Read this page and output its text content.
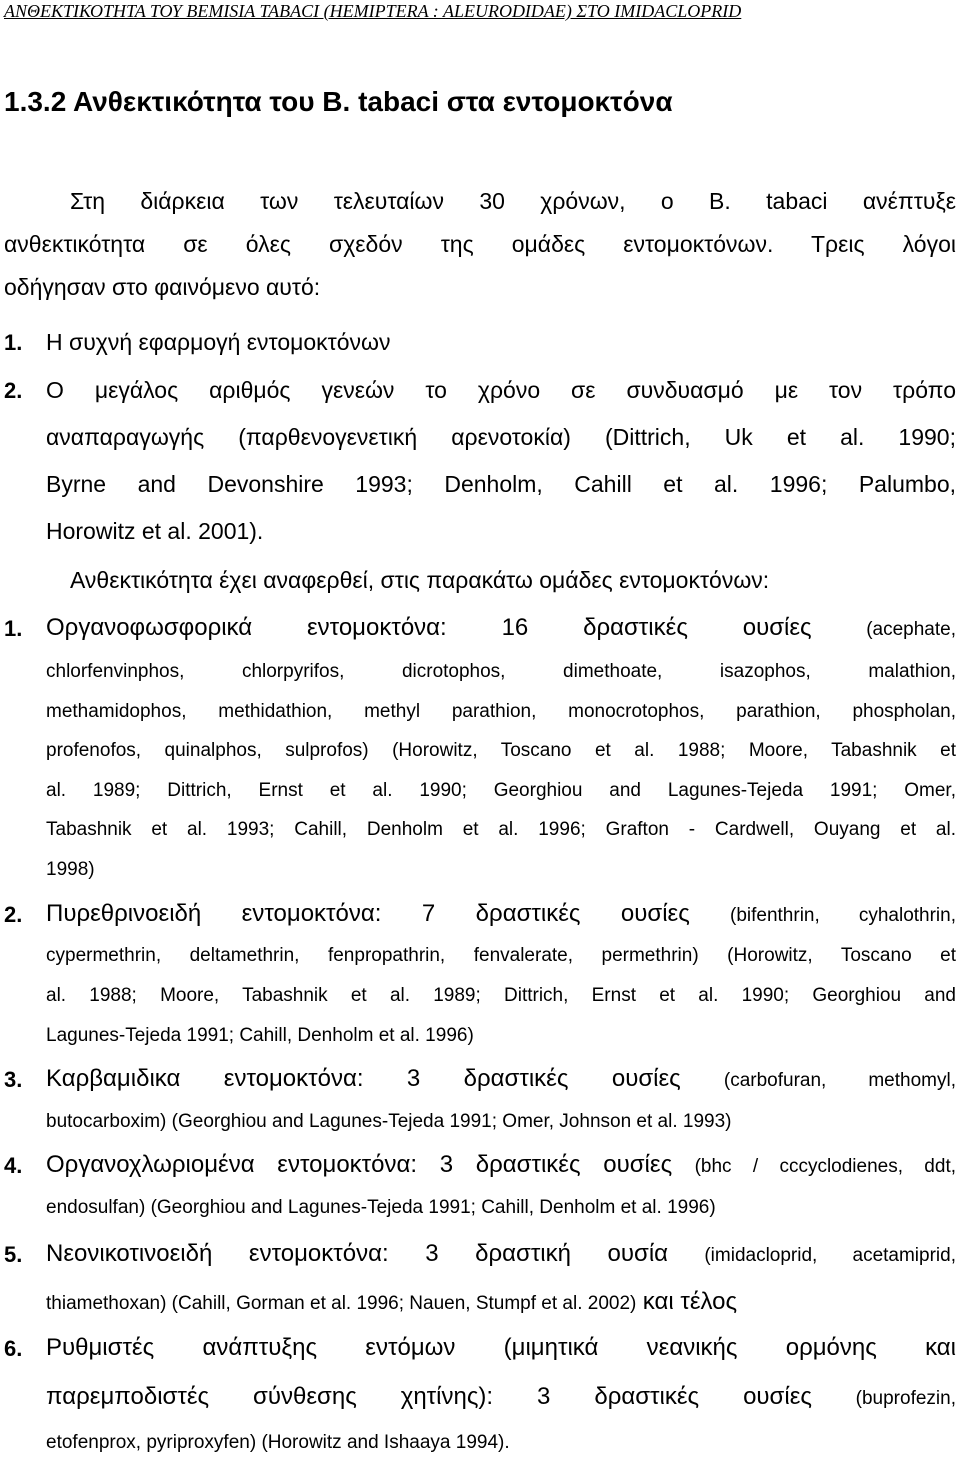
ΑΝΘΕΚΤΙΚΟΤΗΤΑ ΤΟΥ BEMISIA TABACI (HEMIPTERA : ALEURODIDAE) ΣΤΟ IMIDACLOPRID
1.3.2 Ανθεκτικότητα του B. tabaci στα εντομοκτόνα
Στη διάρκεια των τελευταίων 30 χρόνων, ο B. tabaci ανέπτυξε
ανθεκτικότητα σε όλες σχεδόν της ομάδες εντομοκτόνων. Τρεις λόγοι
οδήγησαν στο φαινόμενο αυτό:
1. Η συχνή εφαρμογή εντομοκτόνων
2. Ο μεγάλος αριθμός γενεών το χρόνο σε συνδυασμό με τον τρόπο
αναπαραγωγής (παρθενογενετική αρενοτοκία) (Dittrich, Uk et al. 1990;
Byrne and Devonshire 1993; Denholm, Cahill et al. 1996; Palumbo,
Horowitz et al. 2001).
Ανθεκτικότητα έχει αναφερθεί, στις παρακάτω ομάδες εντομοκτόνων:
1. Οργανοφωσφορικά εντομοκτόνα: 16 δραστικές ουσίες	(acephate,
chlorfenvinphos, chlorpyrifos, dicrotophos, dimethoate, isazophos, malathion,
methamidophos, methidathion, methyl parathion, monocrotophos, parathion, phospholan,
profenofos, quinalphos, sulprofos) (Horowitz, Toscano et al. 1988; Moore, Tabashnik et
al. 1989; Dittrich, Ernst et al. 1990; Georghiou and Lagunes-Tejeda 1991; Omer,
Tabashnik et al. 1993; Cahill, Denholm et al. 1996; Grafton - Cardwell, Ouyang et al.
1998)
2. Πυρεθρινοειδή εντομοκτόνα: 7 δραστικές ουσίες (bifenthrin, cyhalothrin,
cypermethrin, deltamethrin, fenpropathrin, fenvalerate, permethrin) (Horowitz, Toscano et
al. 1988; Moore, Tabashnik et al. 1989; Dittrich, Ernst et al. 1990; Georghiou and
Lagunes-Tejeda 1991; Cahill, Denholm et al. 1996)
3. Καρβαμιδικα εντομοκτόνα: 3 δραστικές ουσίες (carbofuran, methomyl,
butocarboxim) (Georghiou and Lagunes-Tejeda 1991; Omer, Johnson et al. 1993)
4. Οργανοχλωριομένα εντομοκτόνα: 3 δραστικές ουσίες (bhc / cccyclodienes, ddt,
endosulfan) (Georghiou and Lagunes-Tejeda 1991; Cahill, Denholm et al. 1996)
5. Νεονικοτινοειδή εντομοκτόνα: 3 δραστική ουσία (imidacloprid, acetamiprid,
thiamethoxan) (Cahill, Gorman et al. 1996; Nauen, Stumpf et al. 2002) και τέλος
6. Ρυθμιστές ανάπτυξης εντόμων (μιμητικά νεανικής ορμόνης και
παρεμποδιστές σύνθεσης χητίνης): 3 δραστικές ουσίες (buprofezin,
etofenprox, pyriproxyfen) (Horowitz and Ishaaya 1994).
